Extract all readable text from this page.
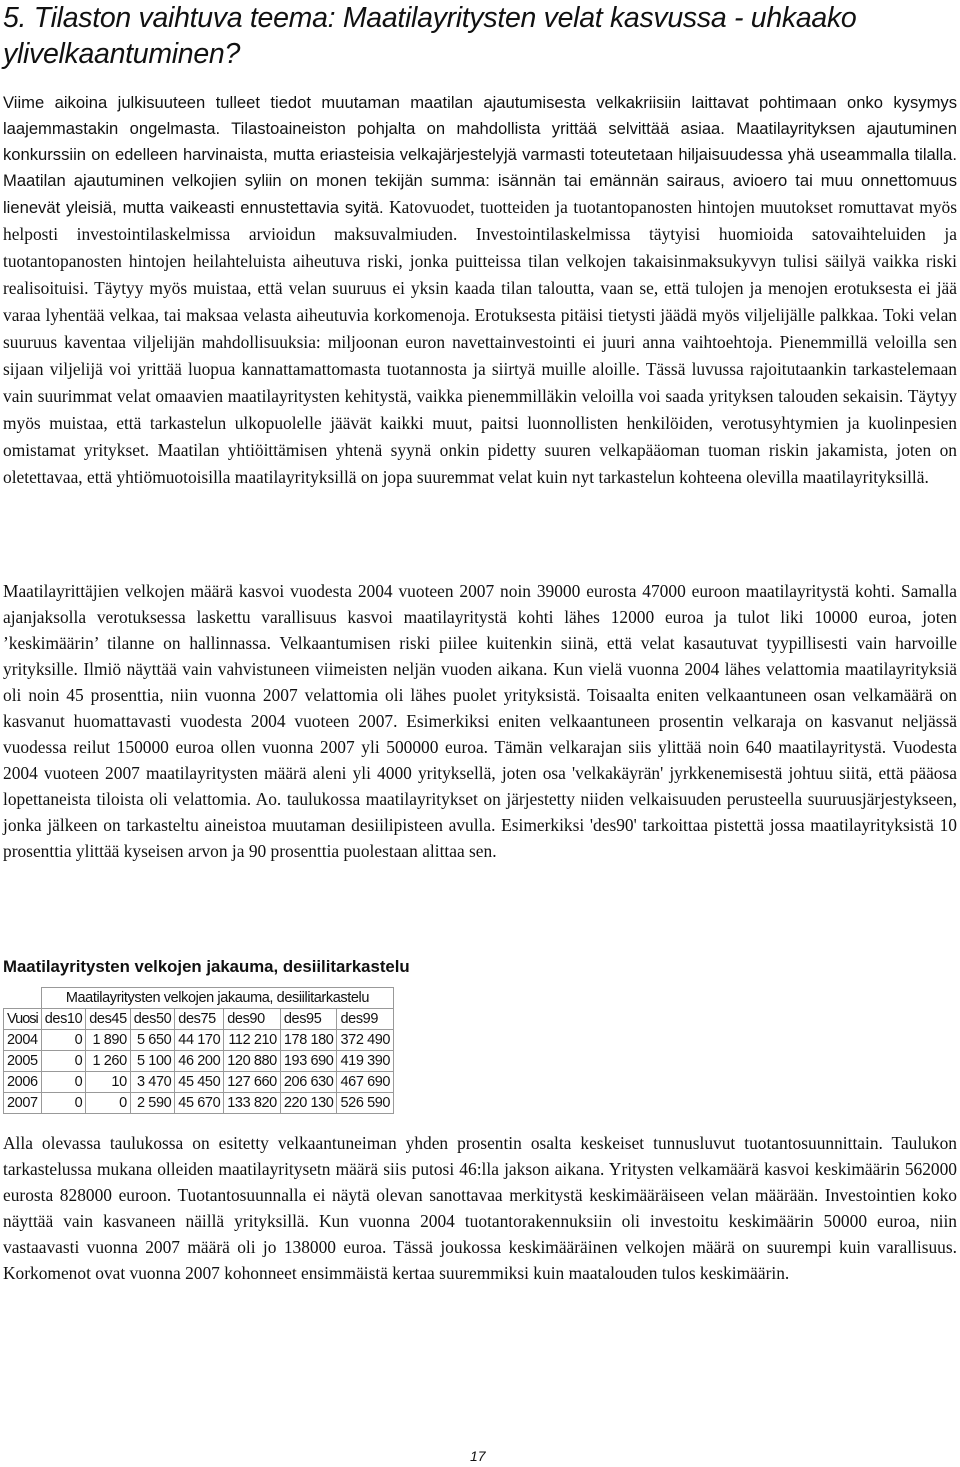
5. Tilaston vaihtuva teema: Maatilayritysten velat kasvussa - uhkaako ylivelkaantuminen?

Viime aikoina julkisuuteen tulleet tiedot muutaman maatilan ajautumisesta velkakriisiin laittavat pohtimaan onko kysymys laajemmastakin ongelmasta. Tilastoaineiston pohjalta on mahdollista yrittää selvittää asiaa. Maatilayrityksen ajautuminen konkurssiin on edelleen harvinaista, mutta eriasteisia velkajärjestelyjä varmasti toteutetaan hiljaisuudessa yhä useammalla tilalla. Maatilan ajautuminen velkojien syliin on monen tekijän summa: isännän tai emännän sairaus, avioero tai muu onnettomuus lienevät yleisiä, mutta vaikeasti ennustettavia syitä. Katovuodet, tuotteiden ja tuotantopanosten hintojen muutokset romuttavat myös helposti investointilaskelmissa arvioidun maksuvalmiuden. Investointilaskelmissa täytyisi huomioida satovaihteluiden ja tuotantopanosten hintojen heilahteluista aiheutuva riski, jonka puitteissa tilan velkojen takaisinmaksukyvyn tulisi säilyä vaikka riski realisoituisi. Täytyy myös muistaa, että velan suuruus ei yksin kaada tilan taloutta, vaan se, että tulojen ja menojen erotuksesta ei jää varaa lyhentää velkaa, tai maksaa velasta aiheutuvia korkomenoja. Erotuksesta pitäisi tietysti jäädä myös viljelijälle palkkaa. Toki velan suuruus kaventaa viljelijän mahdollisuuksia: miljoonan euron navettainvestointi ei juuri anna vaihtoehtoja. Pienemmillä veloilla sen sijaan viljelijä voi yrittää luopua kannattamattomasta tuotannosta ja siirtyä muille aloille. Tässä luvussa rajoitutaankin tarkastelemaan vain suurimmat velat omaavien maatilayritysten kehitystä, vaikka pienemmilläkin veloilla voi saada yrityksen talouden sekaisin. Täytyy myös muistaa, että tarkastelun ulkopuolelle jäävät kaikki muut, paitsi luonnollisten henkilöiden, verotusyhtymien ja kuolinpesien omistamat yritykset. Maatilan yhtiöittämisen yhtenä syynä onkin pidetty suuren velkapääoman tuoman riskin jakamista, joten on oletettavaa, että yhtiömuotoisilla maatilayrityksillä on jopa suuremmat velat kuin nyt tarkastelun kohteena olevilla maatilayrityksillä.

Maatilayrittäjien velkojen määrä kasvoi vuodesta 2004 vuoteen 2007 noin 39000 eurosta 47000 euroon maatilayritystä kohti. Samalla ajanjaksolla verotuksessa laskettu varallisuus kasvoi maatilayritystä kohti lähes 12000 euroa ja tulot liki 10000 euroa, joten ’keskimäärin’ tilanne on hallinnassa. Velkaantumisen riski piilee kuitenkin siinä, että velat kasautuvat tyypillisesti vain harvoille yrityksille. Ilmiö näyttää vain vahvistuneen viimeisten neljän vuoden aikana. Kun vielä vuonna 2004 lähes velattomia maatilayrityksiä oli noin 45 prosenttia, niin vuonna 2007 velattomia oli lähes puolet yrityksistä. Toisaalta eniten velkaantuneen osan velkamäärä on kasvanut huomattavasti vuodesta 2004 vuoteen 2007. Esimerkiksi eniten velkaantuneen prosentin velkaraja on kasvanut neljässä vuodessa reilut 150000 euroa ollen vuonna 2007 yli 500000 euroa. Tämän velkarajan siis ylittää noin 640 maatilayritystä. Vuodesta 2004 vuoteen 2007 maatilayritysten määrä aleni yli 4000 yrityksellä, joten osa 'velkakäyrän' jyrkkenemisestä johtuu siitä, että pääosa lopettaneista tiloista oli velattomia. Ao. taulukossa maatilayritykset on järjestetty niiden velkaisuuden perusteella suuruusjärjestykseen, jonka jälkeen on tarkasteltu aineistoa muutaman desiilipisteen avulla. Esimerkiksi 'des90' tarkoittaa pistettä jossa maatilayrityksistä 10 prosenttia ylittää kyseisen arvon ja 90 prosenttia puolestaan alittaa sen.

Maatilayritysten velkojen jakauma, desiilitarkastelu
	Maatilayritysten velkojen jakauma, desiilitarkastelu						
Vuosi	des10	des45	des50	des75	des90	des95	des99
2004	0	1 890	5 650	44 170	112 210	178 180	372 490
2005	0	1 260	5 100	46 200	120 880	193 690	419 390
2006	0	10	3 470	45 450	127 660	206 630	467 690
2007	0	0	2 590	45 670	133 820	220 130	526 590

Alla olevassa taulukossa on esitetty velkaantuneiman yhden prosentin osalta keskeiset tunnusluvut tuotantosuunnittain. Taulukon tarkastelussa mukana olleiden maatilayritysetn määrä siis putosi 46:lla jakson aikana. Yritysten velkamäärä kasvoi keskimäärin 562000 eurosta 828000 euroon. Tuotantosuunnalla ei näytä olevan sanottavaa merkitystä keskimääräiseen velan määrään. Investointien koko näyttää vain kasvaneen näillä yrityksillä. Kun vuonna 2004 tuotantorakennuksiin oli investoitu keskimäärin 50000 euroa, niin vastaavasti vuonna 2007 määrä oli jo 138000 euroa. Tässä joukossa keskimääräinen velkojen määrä on suurempi kuin varallisuus. Korkomenot ovat vuonna 2007 kohonneet ensimmäistä kertaa suuremmiksi kuin maatalouden tulos keskimäärin.

17
